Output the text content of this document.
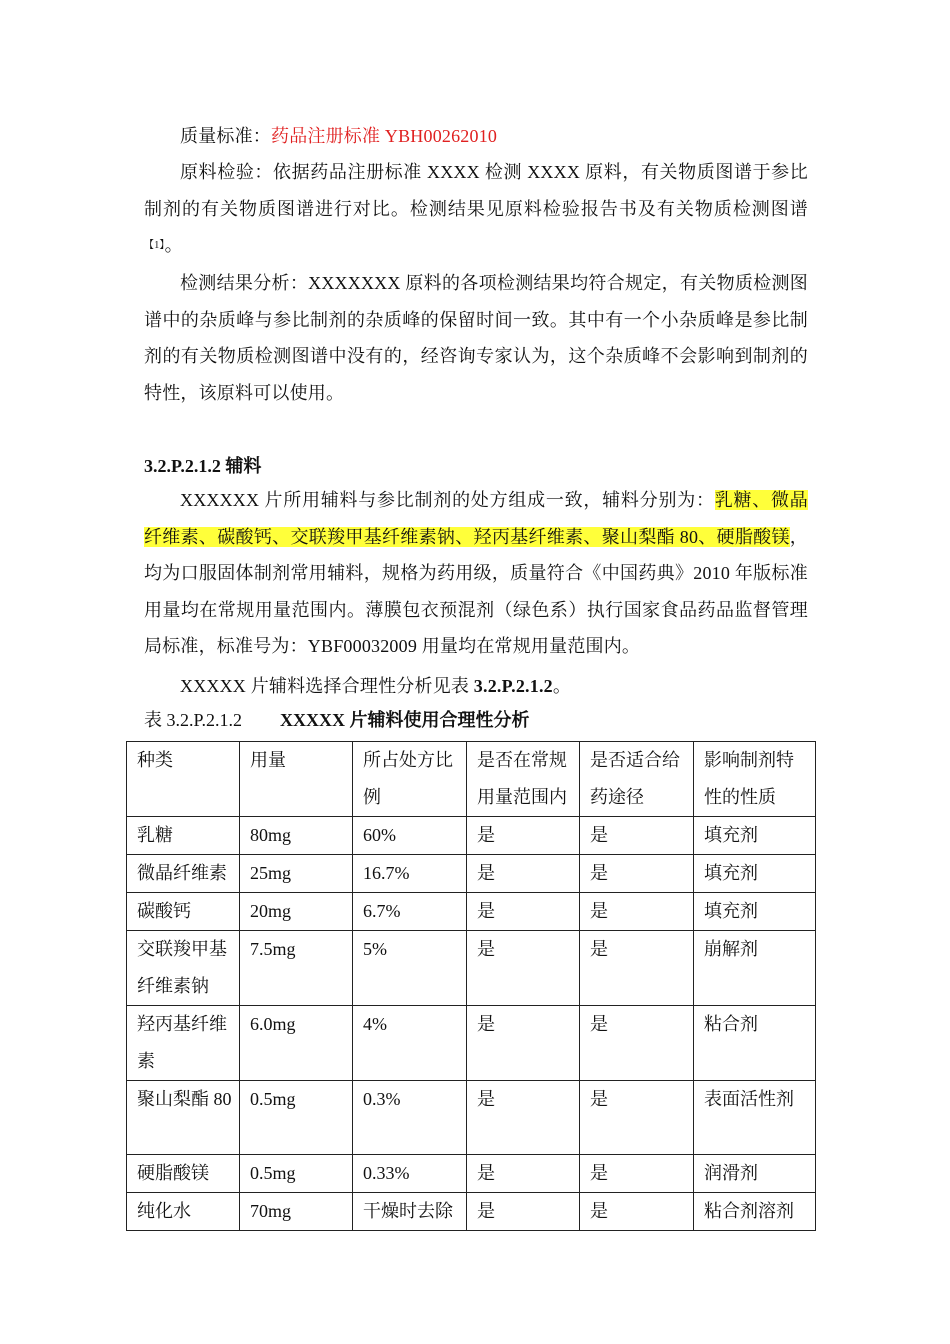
质量标准：药品注册标准 YBH00262010
原料检验：依据药品注册标准 XXXX 检测 XXXX 原料，有关物质图谱于参比制剂的有关物质图谱进行对比。检测结果见原料检验报告书及有关物质检测图谱【1】。
检测结果分析：XXXXXXX 原料的各项检测结果均符合规定，有关物质检测图谱中的杂质峰与参比制剂的杂质峰的保留时间一致。其中有一个小杂质峰是参比制剂的有关物质检测图谱中没有的，经咨询专家认为，这个杂质峰不会影响到制剂的特性，该原料可以使用。
3.2.P.2.1.2 辅料
XXXXXX 片所用辅料与参比制剂的处方组成一致，辅料分别为：乳糖、微晶纤维素、碳酸钙、交联羧甲基纤维素钠、羟丙基纤维素、聚山梨酯 80、硬脂酸镁，均为口服固体制剂常用辅料，规格为药用级，质量符合《中国药典》2010 年版标准用量均在常规用量范围内。薄膜包衣预混剂（绿色系）执行国家食品药品监督管理局标准，标准号为：YBF00032009 用量均在常规用量范围内。
XXXXX 片辅料选择合理性分析见表 3.2.P.2.1.2。
表 3.2.P.2.1.2 XXXXX 片辅料使用合理性分析
种类	用量	所占处方比例	是否在常规用量范围内	是否适合给药途径	影响制剂特性的性质
乳糖	80mg	60%	是	是	填充剂
微晶纤维素	25mg	16.7%	是	是	填充剂
碳酸钙	20mg	6.7%	是	是	填充剂
交联羧甲基纤维素钠	7.5mg	5%	是	是	崩解剂
羟丙基纤维素	6.0mg	4%	是	是	粘合剂
聚山梨酯 80	0.5mg	0.3%	是	是	表面活性剂
硬脂酸镁	0.5mg	0.33%	是	是	润滑剂
纯化水	70mg	干燥时去除	是	是	粘合剂溶剂
